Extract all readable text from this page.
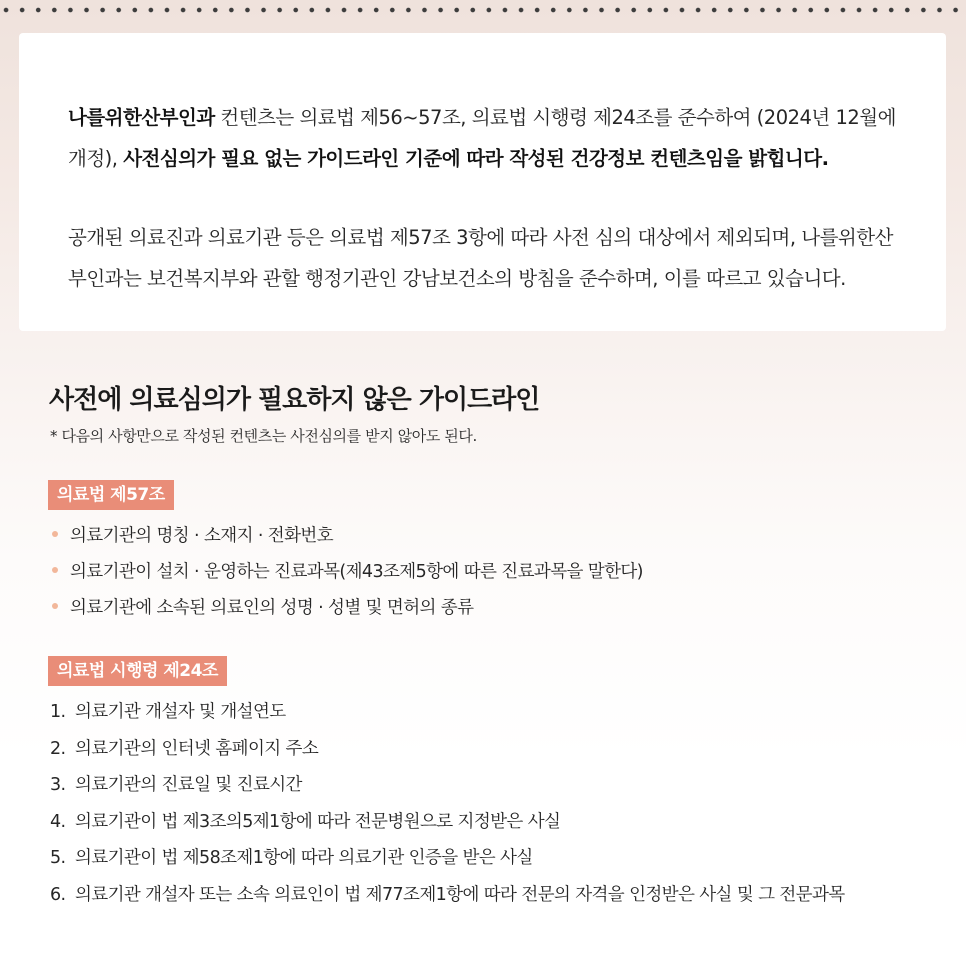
나를위한산부인과 컨텐츠는 의료법 제56~57조, 의료법 시행령 제24조를 준수하여 (2024년 12월에 개정), 사전심의가 필요 없는 가이드라인 기준에 따라 작성된 건강정보 컨텐츠임을 밝힙니다.

공개된 의료진과 의료기관 등은 의료법 제57조 3항에 따라 사전 심의 대상에서 제외되며, 나를위한산부인과는 보건복지부와 관할 행정기관인 강남보건소의 방침을 준수하며, 이를 따르고 있습니다.

사전에 의료심의가 필요하지 않은 가이드라인
* 다음의 사항만으로 작성된 컨텐츠는 사전심의를 받지 않아도 된다.
의료법 제57조
의료기관의 명칭 · 소재지 · 전화번호
의료기관이 설치 · 운영하는 진료과목(제43조제5항에 따른 진료과목을 말한다)
의료기관에 소속된 의료인의 성명 · 성별 및 면허의 종류
의료법 시행령 제24조
1. 의료기관 개설자 및 개설연도
2. 의료기관의 인터넷 홈페이지 주소
3. 의료기관의 진료일 및 진료시간
4. 의료기관이 법 제3조의5제1항에 따라 전문병원으로 지정받은 사실
5. 의료기관이 법 제58조제1항에 따라 의료기관 인증을 받은 사실
6. 의료기관 개설자 또는 소속 의료인이 법 제77조제1항에 따라 전문의 자격을 인정받은 사실 및 그 전문과목
